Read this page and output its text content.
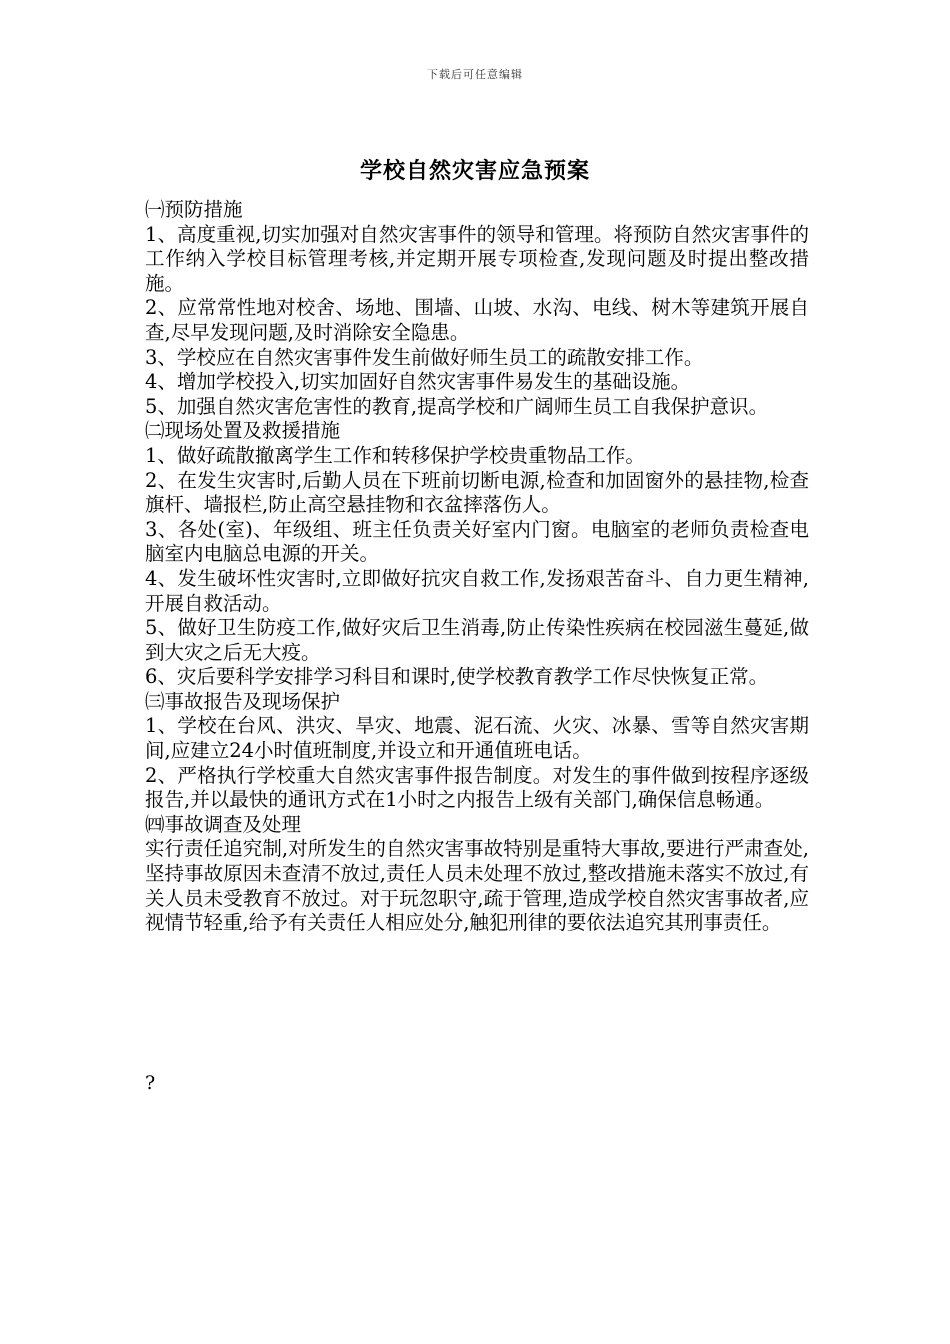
下载后可任意编辑
学校自然灾害应急预案

㈠预防措施

1、高度重视,切实加强对自然灾害事件的领导和管理。将预防自然灾害事件的工作纳入学校目标管理考核,并定期开展专项检查,发现问题及时提出整改措施。

2、应常常性地对校舍、场地、围墙、山坡、水沟、电线、树木等建筑开展自查,尽早发现问题,及时消除安全隐患。

3、学校应在自然灾害事件发生前做好师生员工的疏散安排工作。

4、增加学校投入,切实加固好自然灾害事件易发生的基础设施。

5、加强自然灾害危害性的教育,提高学校和广阔师生员工自我保护意识。

㈡现场处置及救援措施

1、做好疏散撤离学生工作和转移保护学校贵重物品工作。

2、在发生灾害时,后勤人员在下班前切断电源,检查和加固窗外的悬挂物,检查旗杆、墙报栏,防止高空悬挂物和衣盆摔落伤人。

3、各处(室)、年级组、班主任负责关好室内门窗。电脑室的老师负责检查电脑室内电脑总电源的开关。

4、发生破坏性灾害时,立即做好抗灾自救工作,发扬艰苦奋斗、自力更生精神,开展自救活动。

5、做好卫生防疫工作,做好灾后卫生消毒,防止传染性疾病在校园滋生蔓延,做到大灾之后无大疫。

6、灾后要科学安排学习科目和课时,使学校教育教学工作尽快恢复正常。

㈢事故报告及现场保护

1、学校在台风、洪灾、旱灾、地震、泥石流、火灾、冰暴、雪等自然灾害期间,应建立24小时值班制度,并设立和开通值班电话。

2、严格执行学校重大自然灾害事件报告制度。对发生的事件做到按程序逐级报告,并以最快的通讯方式在1小时之内报告上级有关部门,确保信息畅通。

㈣事故调查及处理

实行责任追究制,对所发生的自然灾害事故特别是重特大事故,要进行严肃查处,坚持事故原因未查清不放过,责任人员未处理不放过,整改措施未落实不放过,有关人员未受教育不放过。对于玩忽职守,疏于管理,造成学校自然灾害事故者,应视情节轻重,给予有关责任人相应处分,触犯刑律的要依法追究其刑事责任。

?
